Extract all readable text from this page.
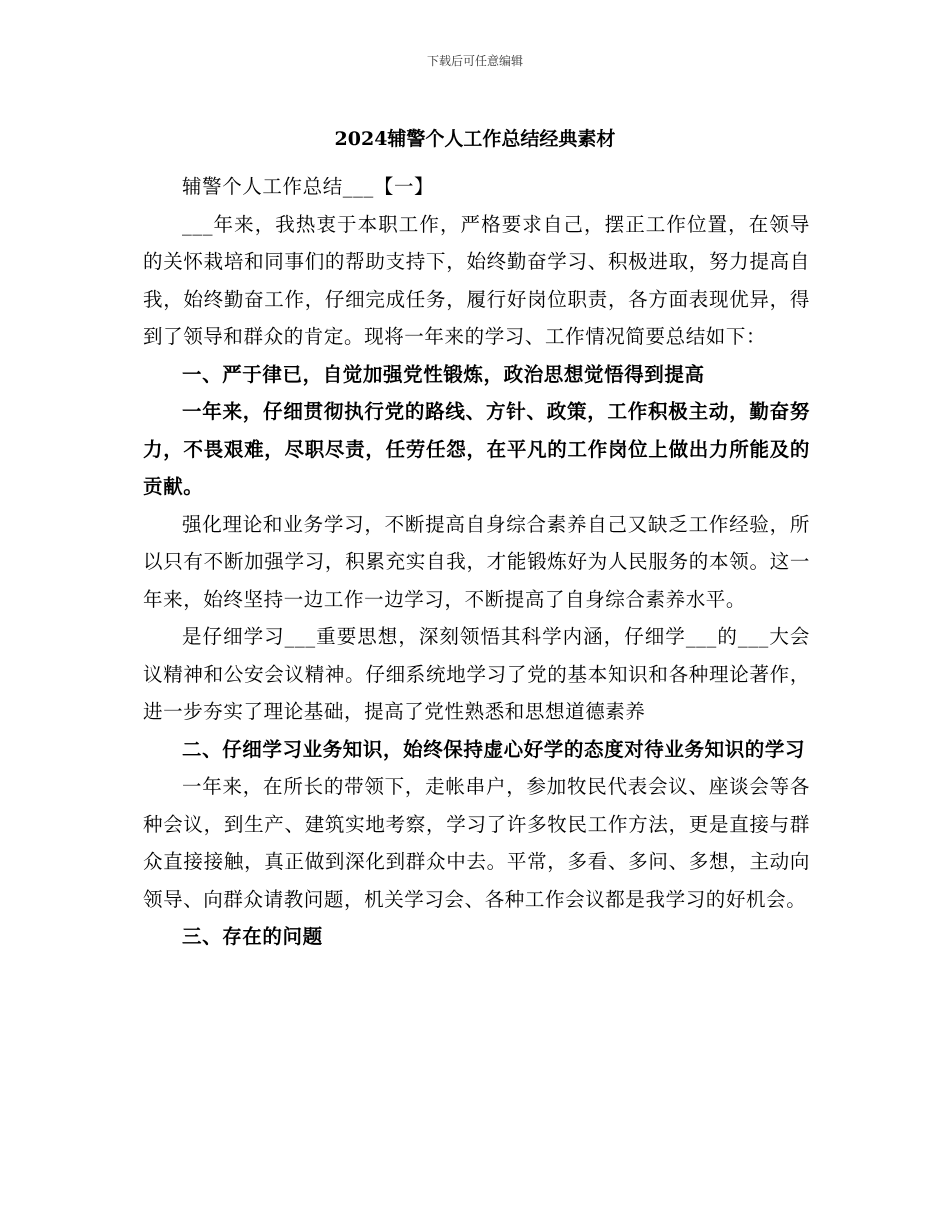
下载后可任意编辑
2024辅警个人工作总结经典素材

辅警个人工作总结___【一】

___年来，我热衷于本职工作，严格要求自己，摆正工作位置，在领导的关怀栽培和同事们的帮助支持下，始终勤奋学习、积极进取，努力提高自我，始终勤奋工作，仔细完成任务，履行好岗位职责，各方面表现优异，得到了领导和群众的肯定。现将一年来的学习、工作情况简要总结如下：

一、严于律已，自觉加强党性锻炼，政治思想觉悟得到提高

一年来，仔细贯彻执行党的路线、方针、政策，工作积极主动，勤奋努力，不畏艰难，尽职尽责，任劳任怨，在平凡的工作岗位上做出力所能及的贡献。

强化理论和业务学习，不断提高自身综合素养自己又缺乏工作经验，所以只有不断加强学习，积累充实自我，才能锻炼好为人民服务的本领。这一年来，始终坚持一边工作一边学习，不断提高了自身综合素养水平。

是仔细学习___重要思想，深刻领悟其科学内涵，仔细学___的___大会议精神和公安会议精神。仔细系统地学习了党的基本知识和各种理论著作，进一步夯实了理论基础，提高了党性熟悉和思想道德素养

二、仔细学习业务知识，始终保持虚心好学的态度对待业务知识的学习

一年来，在所长的带领下，走帐串户，参加牧民代表会议、座谈会等各种会议，到生产、建筑实地考察，学习了许多牧民工作方法，更是直接与群众直接接触，真正做到深化到群众中去。平常，多看、多问、多想，主动向领导、向群众请教问题，机关学习会、各种工作会议都是我学习的好机会。

三、存在的问题
